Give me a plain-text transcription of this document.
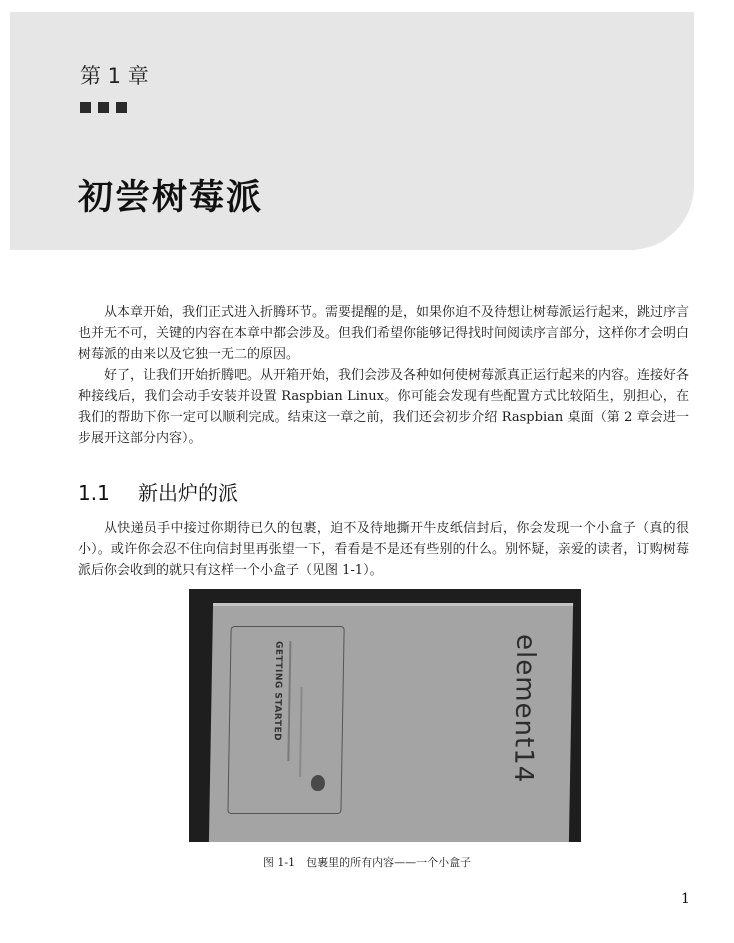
第 1 章
初尝树莓派

从本章开始，我们正式进入折腾环节。需要提醒的是，如果你迫不及待想让树莓派运行起来，跳过序言也并无不可，关键的内容在本章中都会涉及。但我们希望你能够记得找时间阅读序言部分，这样你才会明白树莓派的由来以及它独一无二的原因。

好了，让我们开始折腾吧。从开箱开始，我们会涉及各种如何使树莓派真正运行起来的内容。连接好各种接线后，我们会动手安装并设置 Raspbian Linux。你可能会发现有些配置方式比较陌生，别担心，在我们的帮助下你一定可以顺利完成。结束这一章之前，我们还会初步介绍 Raspbian 桌面（第 2 章会进一步展开这部分内容）。

1.1 新出炉的派

从快递员手中接过你期待已久的包裹，迫不及待地撕开牛皮纸信封后，你会发现一个小盒子（真的很小）。或许你会忍不住向信封里再张望一下，看看是不是还有些别的什么。别怀疑，亲爱的读者，订购树莓派后你会收到的就只有这样一个小盒子（见图 1-1）。

GETTING STARTED	element14
图 1-1　包裹里的所有内容——一个小盒子
1
